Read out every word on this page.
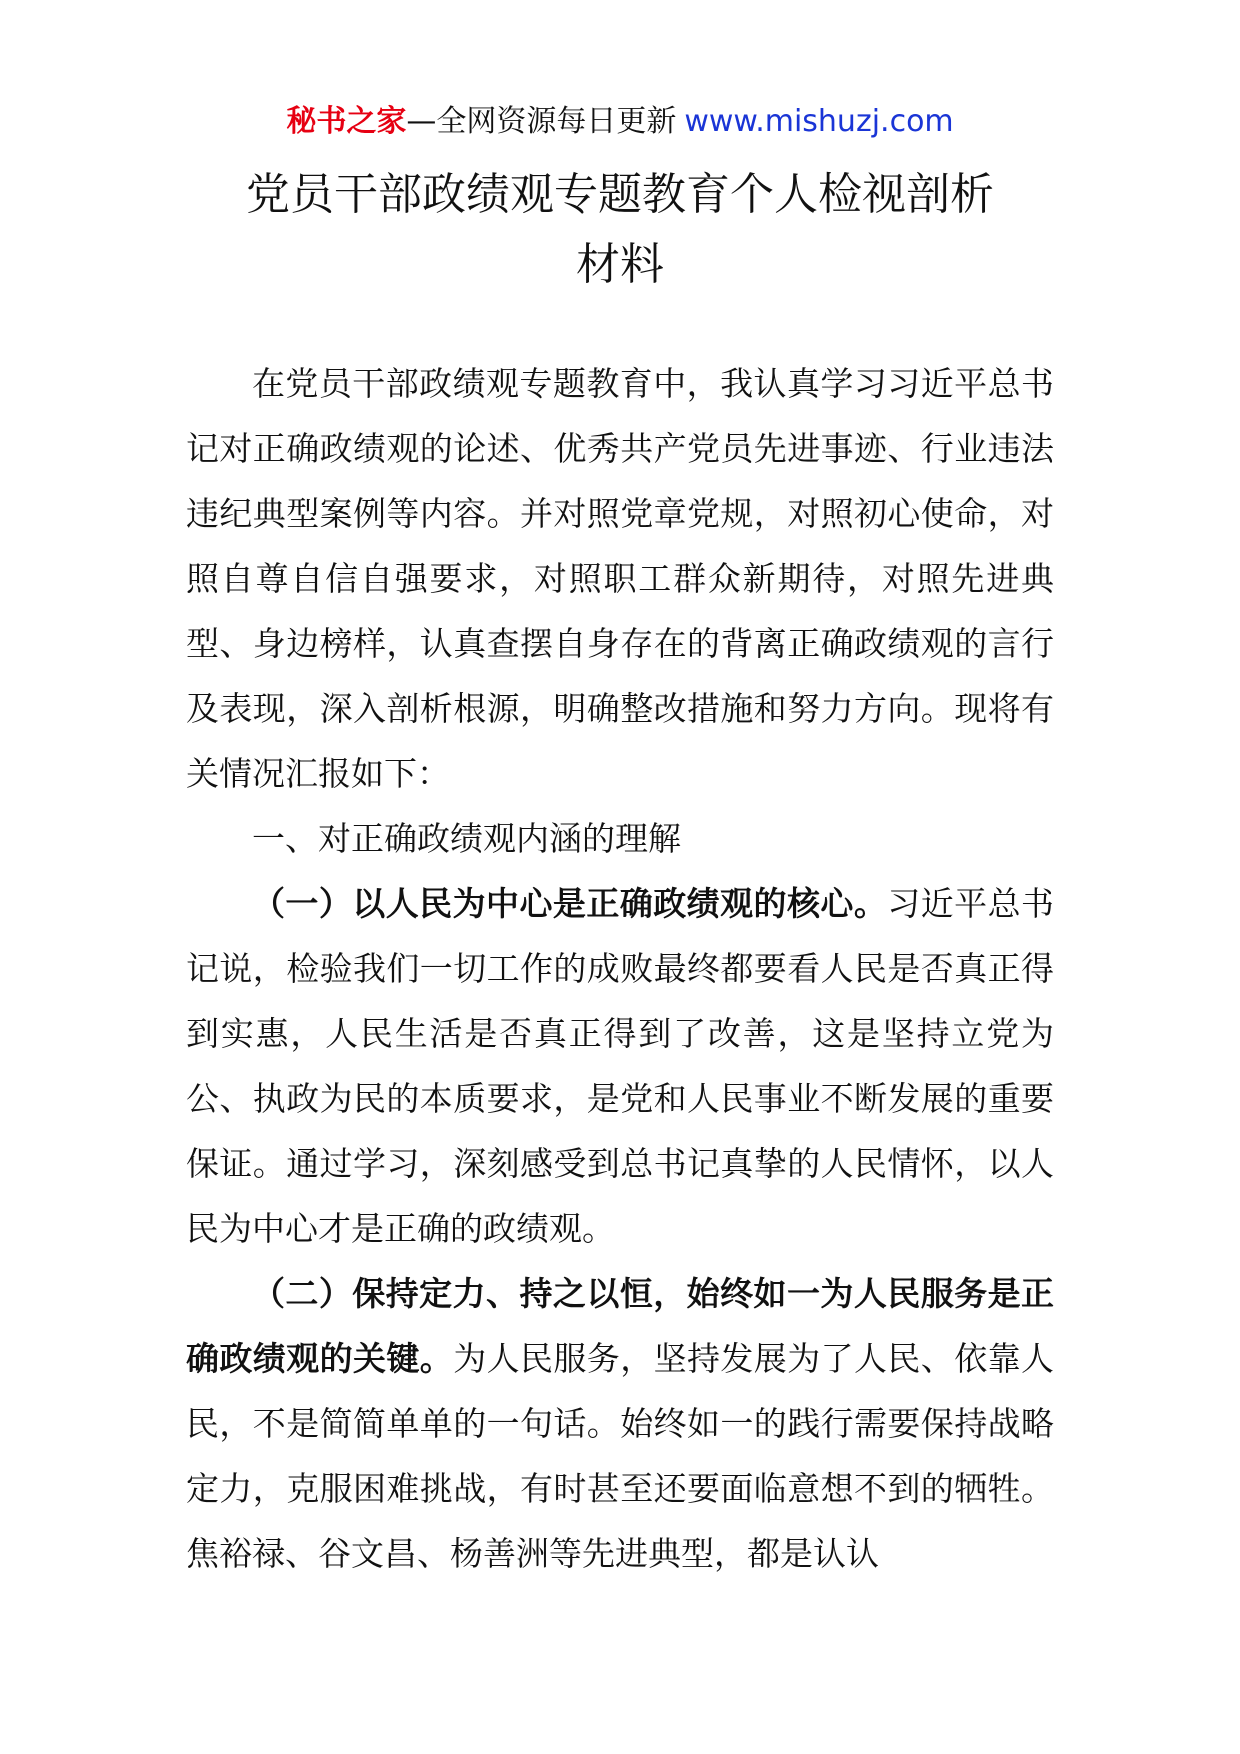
秘书之家—全网资源每日更新 www.mishuzj.com
党员干部政绩观专题教育个人检视剖析
材料

在党员干部政绩观专题教育中，我认真学习习近平总书记对正确政绩观的论述、优秀共产党员先进事迹、行业违法违纪典型案例等内容。并对照党章党规，对照初心使命，对照自尊自信自强要求，对照职工群众新期待，对照先进典型、身边榜样，认真查摆自身存在的背离正确政绩观的言行及表现，深入剖析根源，明确整改措施和努力方向。现将有关情况汇报如下：

一、对正确政绩观内涵的理解

（一）以人民为中心是正确政绩观的核心。习近平总书记说，检验我们一切工作的成败最终都要看人民是否真正得到实惠，人民生活是否真正得到了改善，这是坚持立党为公、执政为民的本质要求，是党和人民事业不断发展的重要保证。通过学习，深刻感受到总书记真挚的人民情怀，以人民为中心才是正确的政绩观。

（二）保持定力、持之以恒，始终如一为人民服务是正确政绩观的关键。为人民服务，坚持发展为了人民、依靠人民，不是简简单单的一句话。始终如一的践行需要保持战略定力，克服困难挑战，有时甚至还要面临意想不到的牺牲。焦裕禄、谷文昌、杨善洲等先进典型，都是认认
